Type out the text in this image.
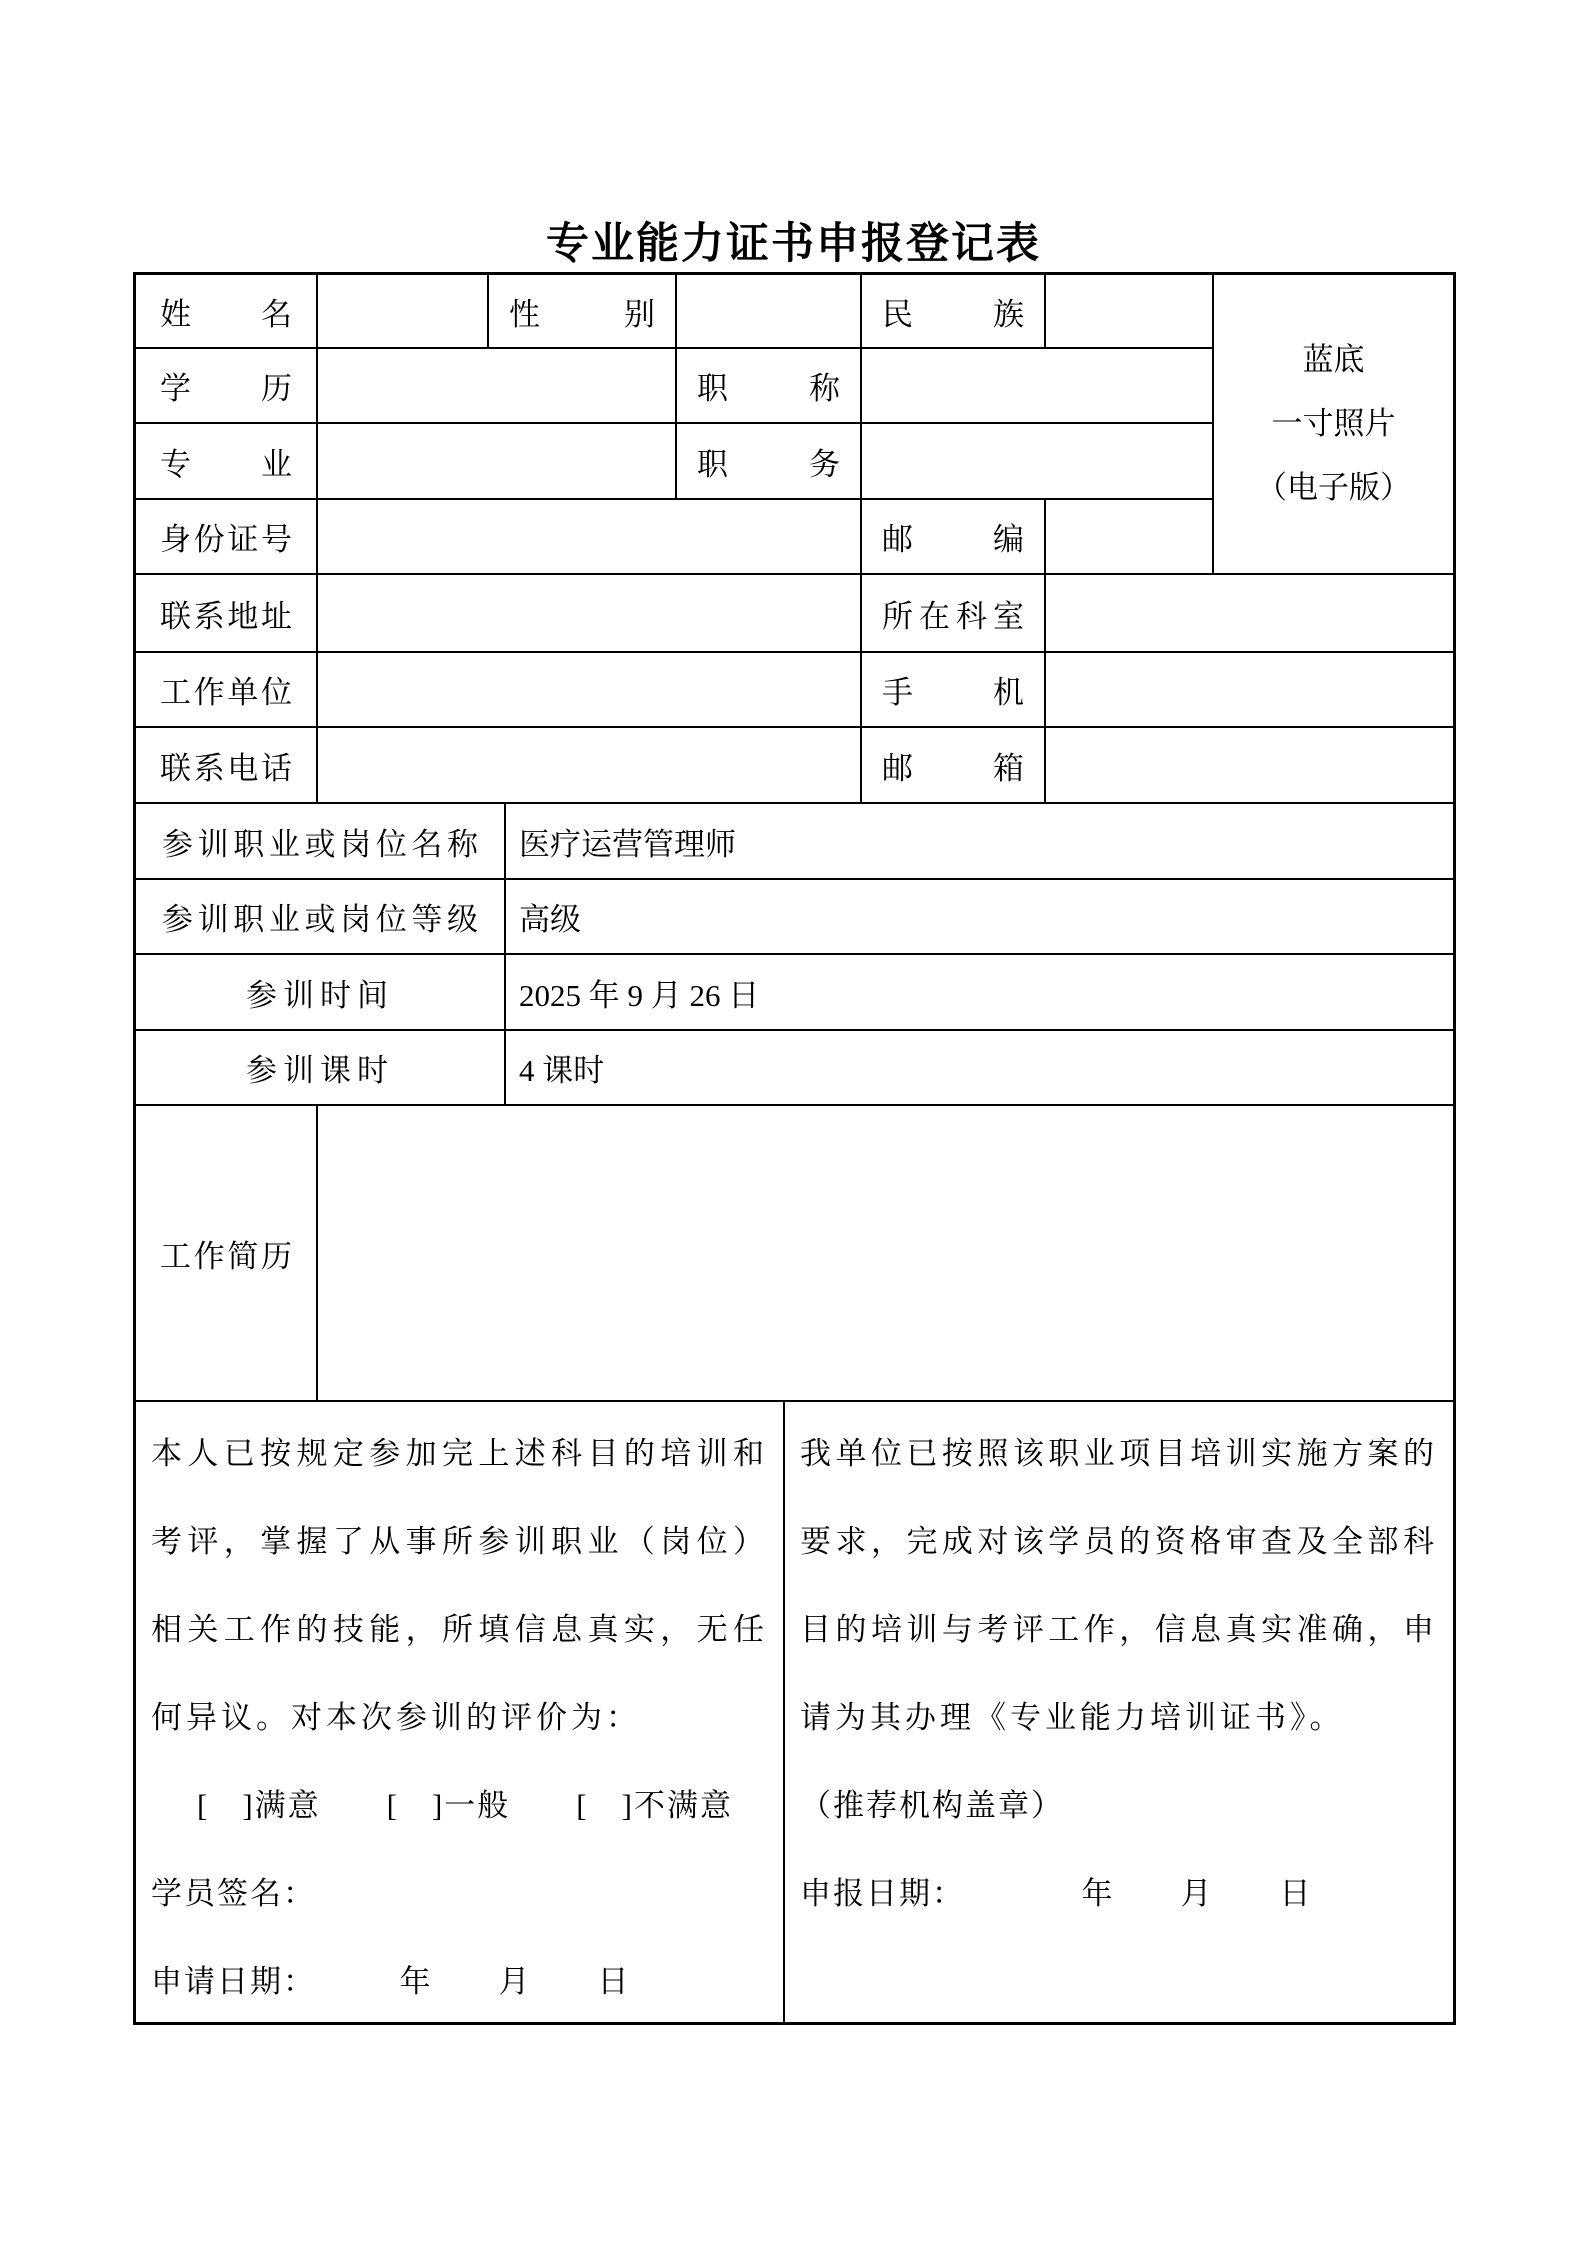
专业能力证书申报登记表
姓名	性别	民族
学历	职称
专业	职务
身份证号	邮编
蓝底
一寸照片
（电子版）
联系地址	所在科室
工作单位	手机
联系电话	邮箱
参训职业或岗位名称	医疗运营管理师
参训职业或岗位等级	高级
参训时间	2025 年 9 月 26 日
参训课时	4 课时
工作简历
本人已按规定参加完上述科目的培训和考评，掌握了从事所参训职业（岗位）相关工作的技能，所填信息真实，无任何异议。对本次参训的评价为：
[　]满意　　[　]一般　　[　]不满意
学员签名：
申请日期：　　　年　　月　　日
我单位已按照该职业项目培训实施方案的要求，完成对该学员的资格审查及全部科目的培训与考评工作，信息真实准确，申请为其办理《专业能力培训证书》。
（推荐机构盖章）
申报日期：　　　　年　　月　　日
